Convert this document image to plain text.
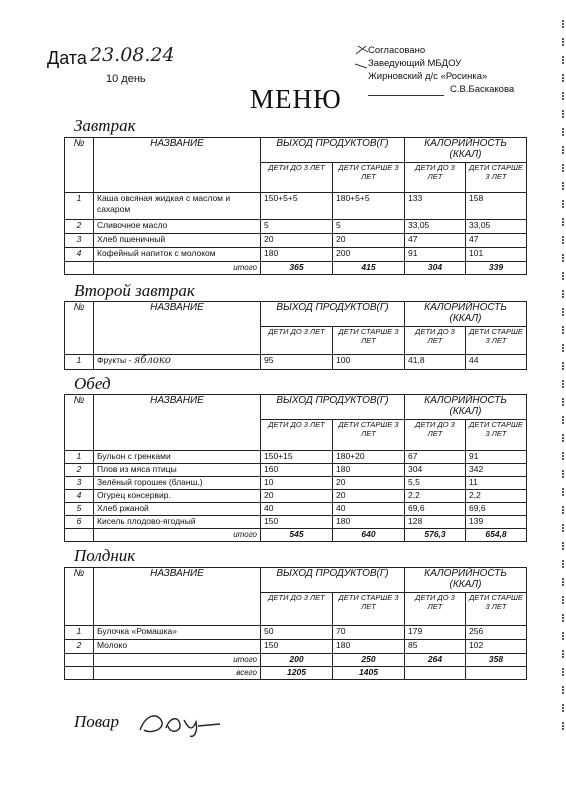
Дата 23.08.24
10 день
Согласовано
Заведующий МБДОУ
Жирновский д/с «Росинка»
С.В.Баскакова
МЕНЮ
Завтрак
№	НАЗВАНИЕ	ВЫХОД ПРОДУКТОВ(Г)		КАЛОРИЙНОСТЬ (ККАЛ)	
		ДЕТИ ДО 3 ЛЕТ	ДЕТИ СТАРШЕ 3 ЛЕТ	ДЕТИ ДО 3 ЛЕТ	ДЕТИ СТАРШЕ 3 ЛЕТ
1	Каша овсяная жидкая с маслом и сахаром	150+5+5	180+5+5	133	158
2	Сливочное масло	5	5	33,05	33,05
3	Хлеб пшеничный	20	20	47	47
4	Кофейный напиток с молоком	180	200	91	101
	итого	365	415	304	339
Второй завтрак
№	НАЗВАНИЕ	ВЫХОД ПРОДУКТОВ(Г)		КАЛОРИЙНОСТЬ (ККАЛ)	
		ДЕТИ ДО 3 ЛЕТ	ДЕТИ СТАРШЕ 3 ЛЕТ	ДЕТИ ДО 3 ЛЕТ	ДЕТИ СТАРШЕ 3 ЛЕТ
1	Фрукты - яблоко	95	100	41,8	44
Обед
№	НАЗВАНИЕ	ВЫХОД ПРОДУКТОВ(Г)		КАЛОРИЙНОСТЬ (ККАЛ)	
		ДЕТИ ДО 3 ЛЕТ	ДЕТИ СТАРШЕ 3 ЛЕТ	ДЕТИ ДО 3 ЛЕТ	ДЕТИ СТАРШЕ 3 ЛЕТ
1	Бульон с гренками	150+15	180+20	67	91
2	Плов из мяса птицы	160	180	304	342
3	Зелёный горошек (бланш.)	10	20	5,5	11
4	Огурец консервир.	20	20	2,2	2,2
5	Хлеб ржаной	40	40	69,6	69,6
6	Кисель плодово-ягодный	150	180	128	139
	итого	545	640	576,3	654,8
Полдник
№	НАЗВАНИЕ	ВЫХОД ПРОДУКТОВ(Г)		КАЛОРИЙНОСТЬ (ККАЛ)	
		ДЕТИ ДО 3 ЛЕТ	ДЕТИ СТАРШЕ 3 ЛЕТ	ДЕТИ ДО 3 ЛЕТ	ДЕТИ СТАРШЕ 3 ЛЕТ
1	Булочка «Ромашка»	50	70	179	256
2	Молоко	150	180	85	102
	итого	200	250	264	358
	всего	1205	1405		
Повар
